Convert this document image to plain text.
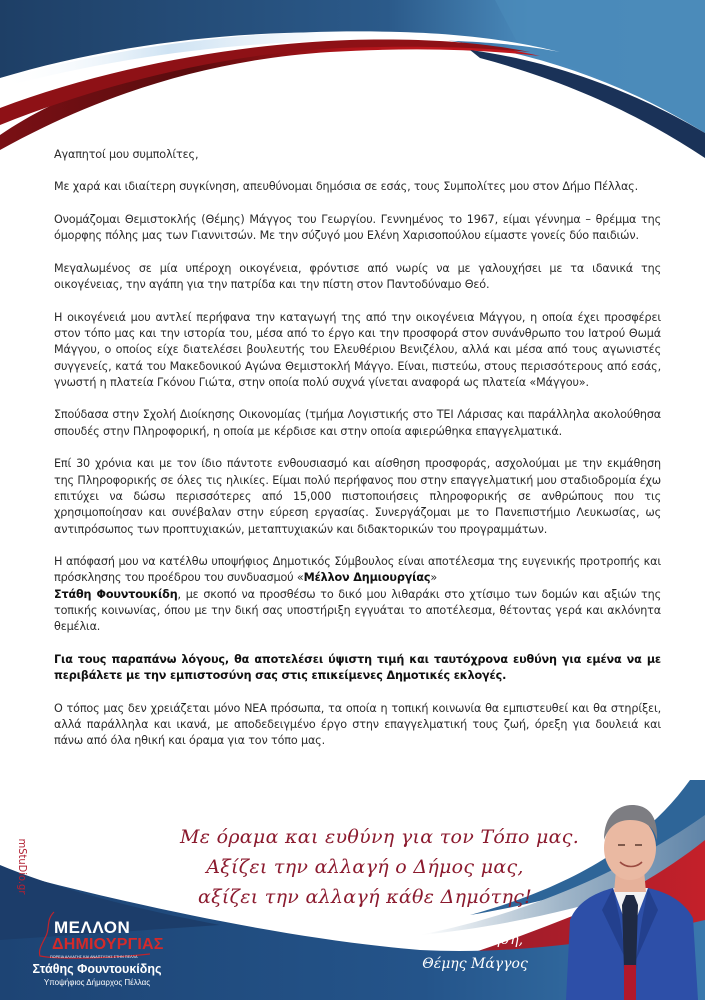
Αγαπητοί μου συμπολίτες,

Με χαρά και ιδιαίτερη συγκίνηση, απευθύνομαι δημόσια σε εσάς, τους Συμπολίτες μου στον Δήμο Πέλλας.

Ονομάζομαι Θεμιστοκλής (Θέμης) Μάγγος του Γεωργίου. Γεννημένος το 1967, είμαι γέννημα – θρέμμα της όμορφης πόλης μας των Γιαννιτσών. Με την σύζυγό μου Ελένη Χαρισοπούλου είμαστε γονείς δύο παιδιών.

Μεγαλωμένος σε μία υπέροχη οικογένεια, φρόντισε από νωρίς να με γαλουχήσει με τα ιδανικά της οικογένειας, την αγάπη για την πατρίδα και την πίστη στον Παντοδύναμο Θεό.

Η οικογένειά μου αντλεί περήφανα την καταγωγή της από την οικογένεια Μάγγου, η οποία έχει προσφέρει στον τόπο μας και την ιστορία του, μέσα από το έργο και την προσφορά στον συνάνθρωπο του Ιατρού Θωμά Μάγγου, ο οποίος είχε διατελέσει βουλευτής του Ελευθέριου Βενιζέλου, αλλά και μέσα από τους αγωνιστές συγγενείς, κατά του Μακεδονικού Αγώνα Θεμιστοκλή Μάγγο. Είναι, πιστεύω, στους περισσότερους από εσάς, γνωστή η πλατεία Γκόνου Γιώτα, στην οποία πολύ συχνά γίνεται αναφορά ως πλατεία «Μάγγου».

Σπούδασα στην Σχολή Διοίκησης Οικονομίας (τμήμα Λογιστικής στο ΤΕΙ Λάρισας και παράλληλα ακολούθησα σπουδές στην Πληροφορική, η οποία με κέρδισε και στην οποία αφιερώθηκα επαγγελματικά.

Επί 30 χρόνια και με τον ίδιο πάντοτε ενθουσιασμό και αίσθηση προσφοράς, ασχολούμαι με την εκμάθηση της Πληροφορικής σε όλες τις ηλικίες. Είμαι πολύ περήφανος που στην επαγγελματική μου σταδιοδρομία έχω επιτύχει να δώσω περισσότερες από 15,000 πιστοποιήσεις πληροφορικής σε ανθρώπους που τις χρησιμοποίησαν και συνέβαλαν στην εύρεση εργασίας. Συνεργάζομαι με το Πανεπιστήμιο Λευκωσίας, ως αντιπρόσωπος των προπτυχιακών, μεταπτυχιακών και διδακτορικών του προγραμμάτων.

Η απόφασή μου να κατέλθω υποψήφιος Δημοτικός Σύμβουλος είναι αποτέλεσμα της ευγενικής προτροπής και πρόσκλησης του προέδρου του συνδυασμού «Μέλλον Δημιουργίας»
Στάθη Φουντουκίδη, με σκοπό να προσθέσω το δικό μου λιθαράκι στο χτίσιμο των δομών και αξιών της τοπικής κοινωνίας, όπου με την δική σας υποστήριξη εγγυάται το αποτέλεσμα, θέτοντας γερά και ακλόνητα θεμέλια.

Για τους παραπάνω λόγους, θα αποτελέσει ύψιστη τιμή και ταυτόχρονα ευθύνη για εμένα να με περιβάλετε με την εμπιστοσύνη σας στις επικείμενες Δημοτικές εκλογές.

Ο τόπος μας δεν χρειάζεται μόνο ΝΕΑ πρόσωπα, τα οποία η τοπική κοινωνία θα εμπιστευθεί και θα στηρίξει, αλλά παράλληλα και ικανά, με αποδεδειγμένο έργο στην επαγγελματική τους ζωή, όρεξη για δουλειά και πάνω από όλα ηθική και όραμα για τον τόπο μας.

mStuDio.gr
Με όραμα και ευθύνη για τον Τόπο μας.
Αξίζει την αλλαγή ο Δήμος μας,
αξίζει την αλλαγή κάθε Δημότης!
Με εκτίμηση,
Θέμης Μάγγος
ΜΕΛΛΟΝ
ΔΗΜΙΟΥΡΓΙΑΣ
ΠΟΡΕΙΑ ΑΛΛΑΓΗΣ ΚΑΙ ΑΝΑΠΤΥΞΗΣ ΣΤΗΝ ΠΕΛΛΑ
Στάθης Φουντουκίδης
Υποψήφιος Δήμαρχος Πέλλας
